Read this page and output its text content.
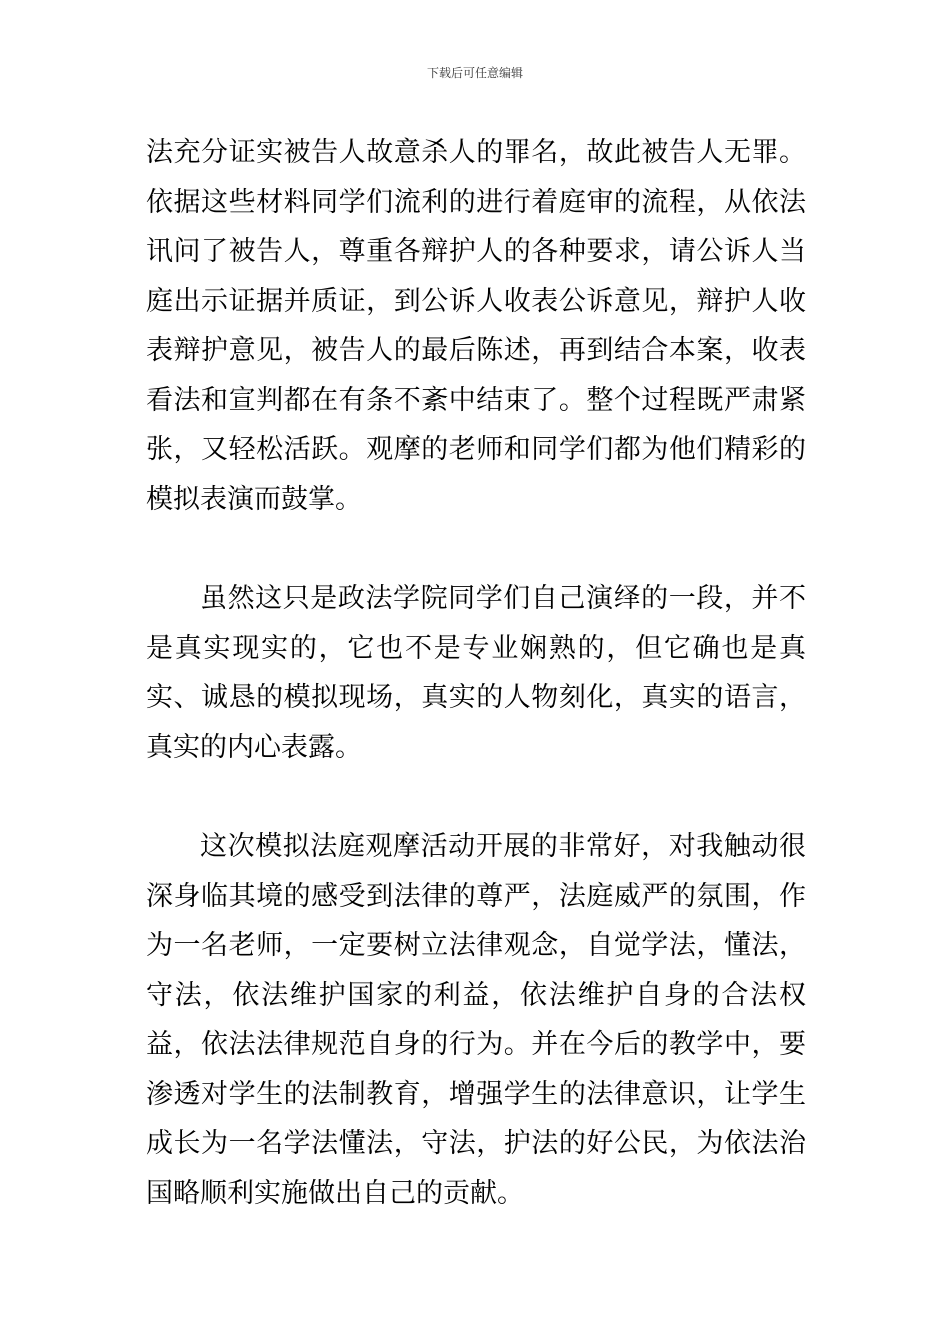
下载后可任意编辑

法充分证实被告人故意杀人的罪名，故此被告人无罪。依据这些材料同学们流利的进行着庭审的流程，从依法讯问了被告人，尊重各辩护人的各种要求，请公诉人当庭出示证据并质证，到公诉人收表公诉意见，辩护人收表辩护意见，被告人的最后陈述，再到结合本案，收表看法和宣判都在有条不紊中结束了。整个过程既严肃紧张，又轻松活跃。观摩的老师和同学们都为他们精彩的模拟表演而鼓掌。

虽然这只是政法学院同学们自己演绎的一段，并不是真实现实的，它也不是专业娴熟的，但它确也是真实、诚恳的模拟现场，真实的人物刻化，真实的语言，真实的内心表露。

这次模拟法庭观摩活动开展的非常好，对我触动很深身临其境的感受到法律的尊严，法庭威严的氛围，作为一名老师，一定要树立法律观念，自觉学法，懂法，守法，依法维护国家的利益，依法维护自身的合法权益，依法法律规范自身的行为。并在今后的教学中，要渗透对学生的法制教育，增强学生的法律意识，让学生成长为一名学法懂法，守法，护法的好公民，为依法治国略顺利实施做出自己的贡献。
